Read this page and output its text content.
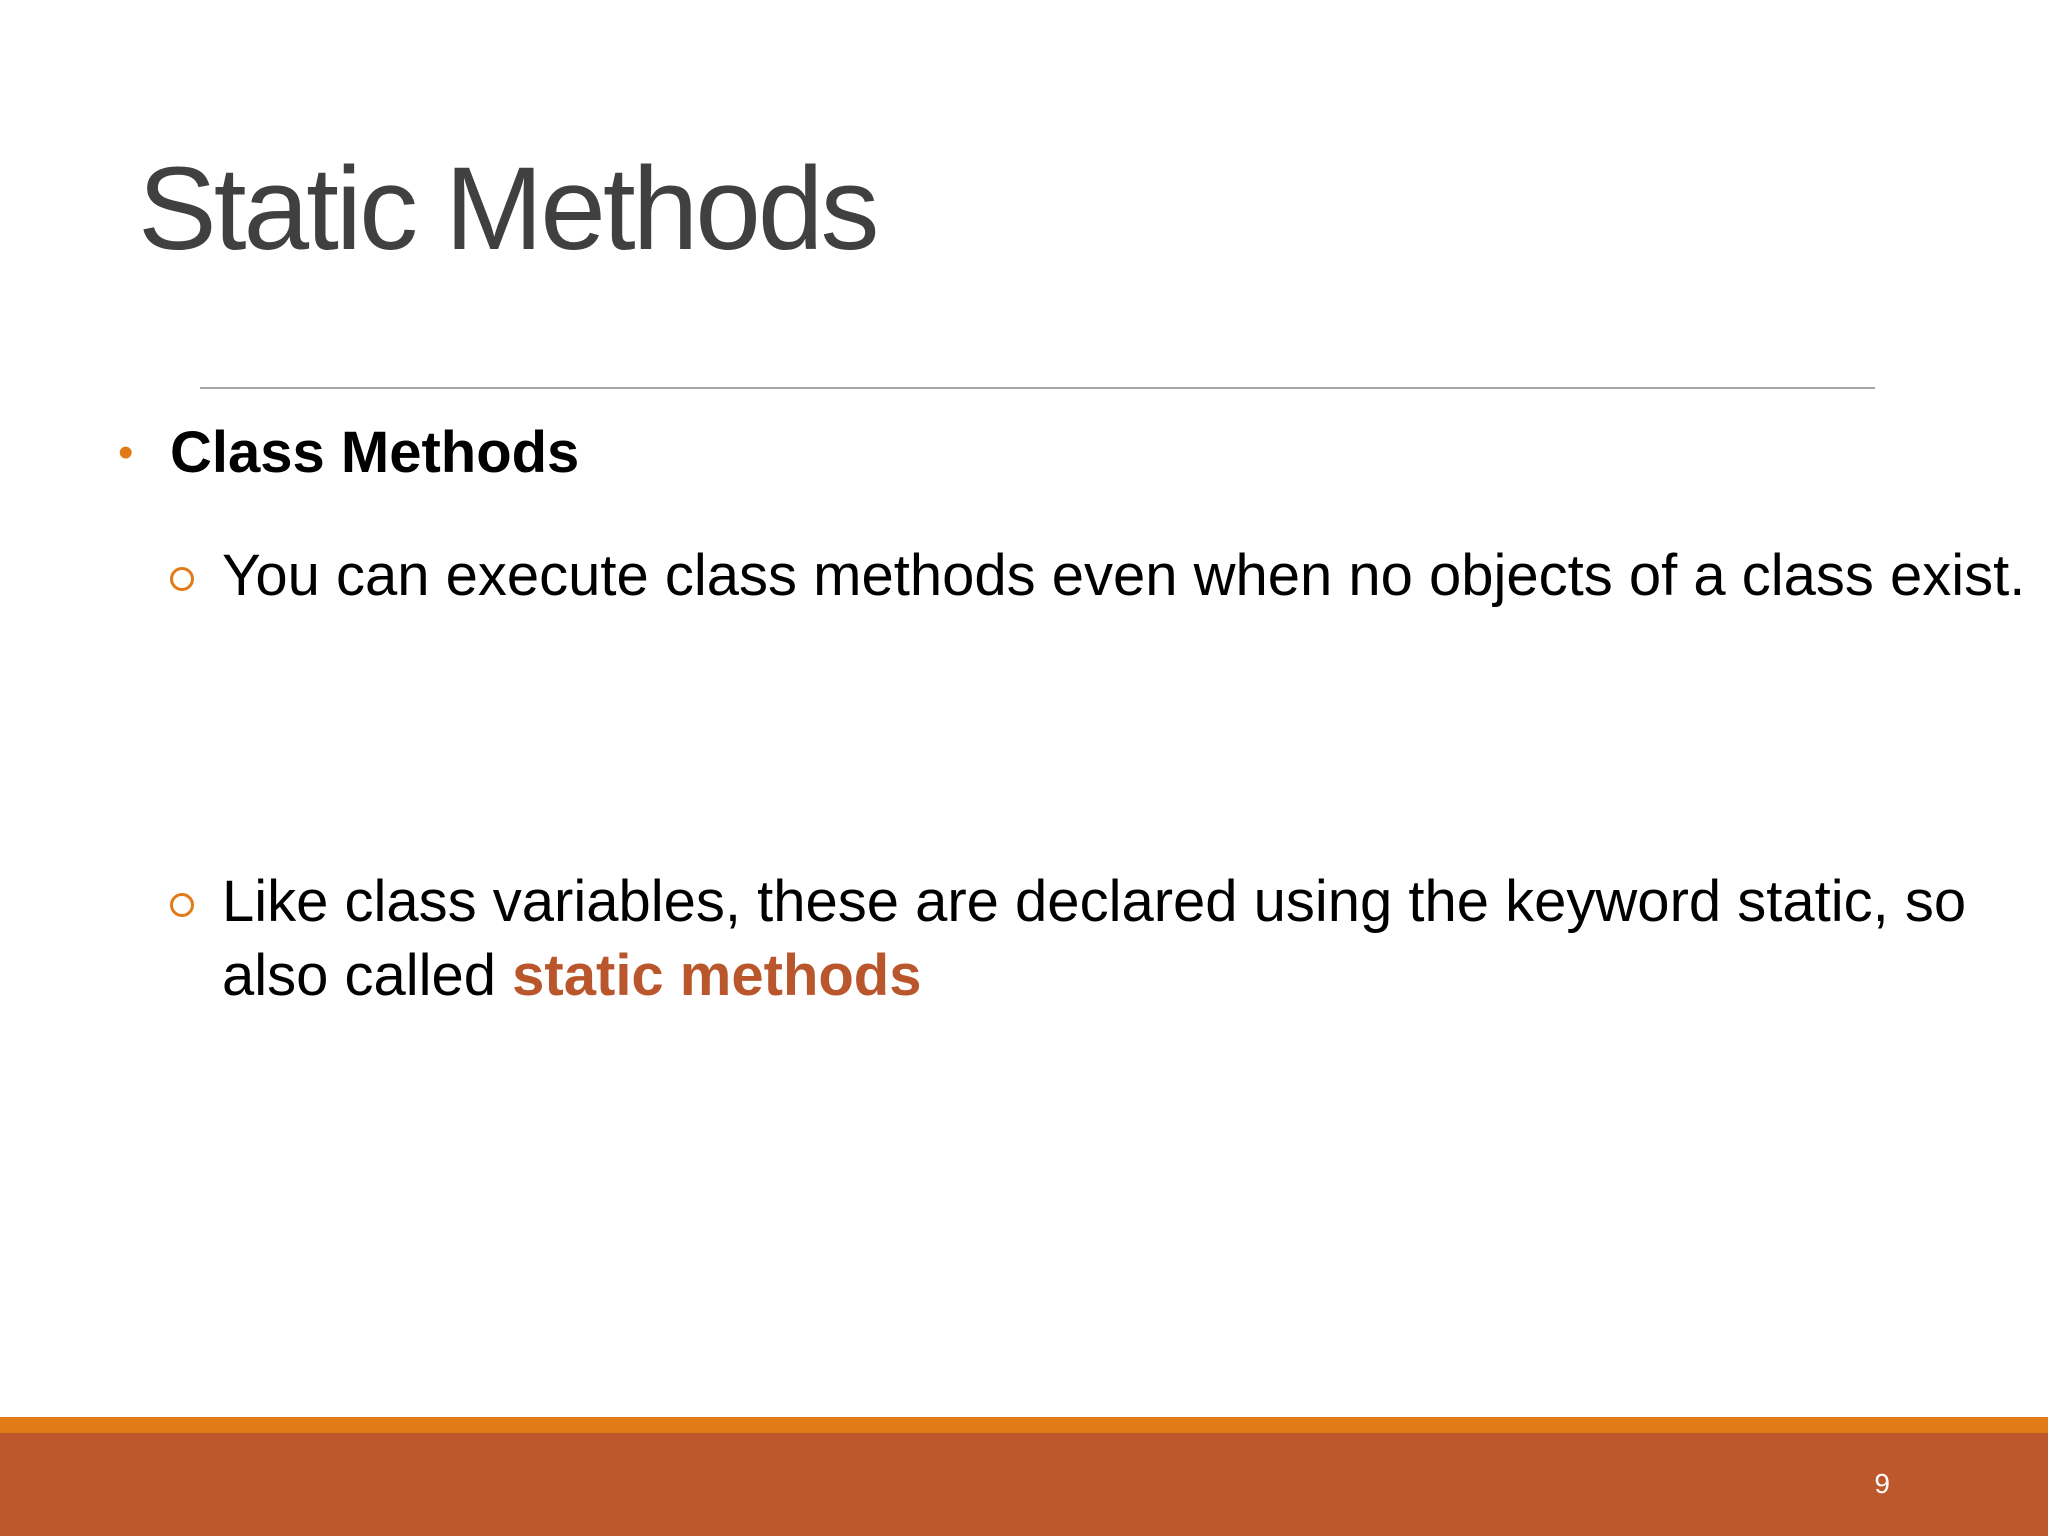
Static Methods
• Class Methods
You can execute class methods even when no objects of a class exist.
Like class variables, these are declared using the keyword static, so also called static methods
9
